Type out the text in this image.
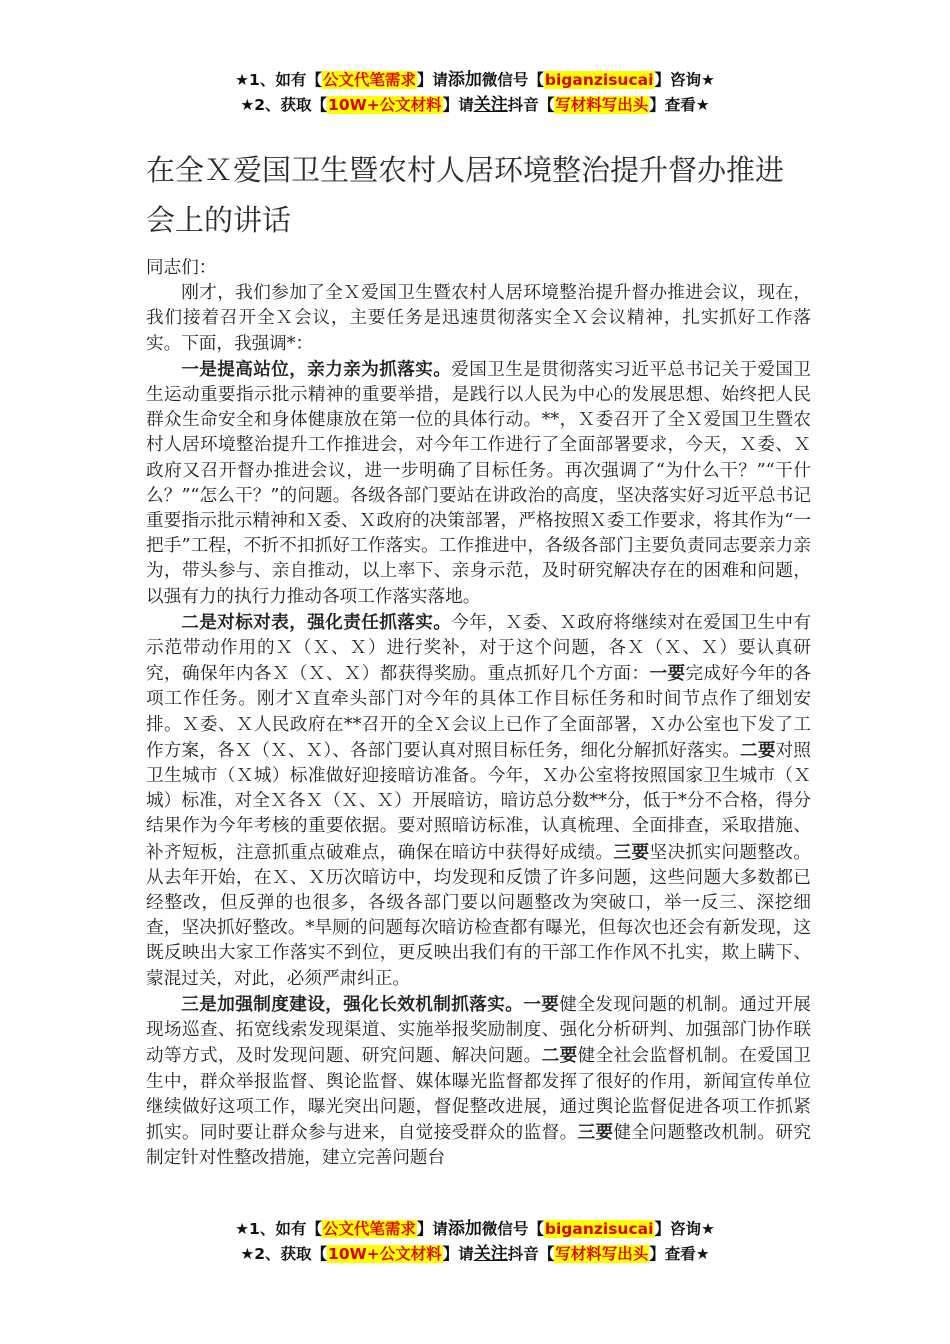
★1、如有【公文代笔需求】请添加微信号【biganzisucai】咨询★
★2、获取【10W+公文材料】请关注抖音【写材料写出头】查看★
在全Ｘ爱国卫生暨农村人居环境整治提升督办推进会上的讲话

同志们：

刚才，我们参加了全Ｘ爱国卫生暨农村人居环境整治提升督办推进会议，现在，我们接着召开全Ｘ会议，主要任务是迅速贯彻落实全Ｘ会议精神，扎实抓好工作落实。下面，我强调*：

一是提高站位，亲力亲为抓落实。爱国卫生是贯彻落实习近平总书记关于爱国卫生运动重要指示批示精神的重要举措，是践行以人民为中心的发展思想、始终把人民群众生命安全和身体健康放在第一位的具体行动。**，Ｘ委召开了全Ｘ爱国卫生暨农村人居环境整治提升工作推进会，对今年工作进行了全面部署要求，今天，Ｘ委、Ｘ政府又召开督办推进会议，进一步明确了目标任务。再次强调了“为什么干？”“干什么？”“怎么干？”的问题。各级各部门要站在讲政治的高度，坚决落实好习近平总书记重要指示批示精神和Ｘ委、Ｘ政府的决策部署，严格按照Ｘ委工作要求，将其作为“一把手”工程，不折不扣抓好工作落实。工作推进中，各级各部门主要负责同志要亲力亲为，带头参与、亲自推动，以上率下、亲身示范，及时研究解决存在的困难和问题，以强有力的执行力推动各项工作落实落地。

二是对标对表，强化责任抓落实。今年，Ｘ委、Ｘ政府将继续对在爱国卫生中有示范带动作用的Ｘ（Ｘ、Ｘ）进行奖补，对于这个问题，各Ｘ（Ｘ、Ｘ）要认真研究，确保年内各Ｘ（Ｘ、Ｘ）都获得奖励。重点抓好几个方面：一要完成好今年的各项工作任务。刚才Ｘ直牵头部门对今年的具体工作目标任务和时间节点作了细划安排。Ｘ委、Ｘ人民政府在**召开的全Ｘ会议上已作了全面部署，Ｘ办公室也下发了工作方案，各Ｘ（Ｘ、Ｘ）、各部门要认真对照目标任务，细化分解抓好落实。二要对照卫生城市（Ｘ城）标准做好迎接暗访准备。今年，Ｘ办公室将按照国家卫生城市（Ｘ城）标准，对全Ｘ各Ｘ（Ｘ、Ｘ）开展暗访，暗访总分数**分，低于*分不合格，得分结果作为今年考核的重要依据。要对照暗访标准，认真梳理、全面排查，采取措施、补齐短板，注意抓重点破难点，确保在暗访中获得好成绩。三要坚决抓实问题整改。从去年开始，在Ｘ、Ｘ历次暗访中，均发现和反馈了许多问题，这些问题大多数都已经整改，但反弹的也很多，各级各部门要以问题整改为突破口，举一反三、深挖细查，坚决抓好整改。*旱厕的问题每次暗访检查都有曝光，但每次也还会有新发现，这既反映出大家工作落实不到位，更反映出我们有的干部工作作风不扎实，欺上瞒下、蒙混过关，对此，必须严肃纠正。

三是加强制度建设，强化长效机制抓落实。一要健全发现问题的机制。通过开展现场巡查、拓宽线索发现渠道、实施举报奖励制度、强化分析研判、加强部门协作联动等方式，及时发现问题、研究问题、解决问题。二要健全社会监督机制。在爱国卫生中，群众举报监督、舆论监督、媒体曝光监督都发挥了很好的作用，新闻宣传单位继续做好这项工作，曝光突出问题，督促整改进展，通过舆论监督促进各项工作抓紧抓实。同时要让群众参与进来，自觉接受群众的监督。三要健全问题整改机制。研究制定针对性整改措施，建立完善问题台

★1、如有【公文代笔需求】请添加微信号【biganzisucai】咨询★
★2、获取【10W+公文材料】请关注抖音【写材料写出头】查看★
